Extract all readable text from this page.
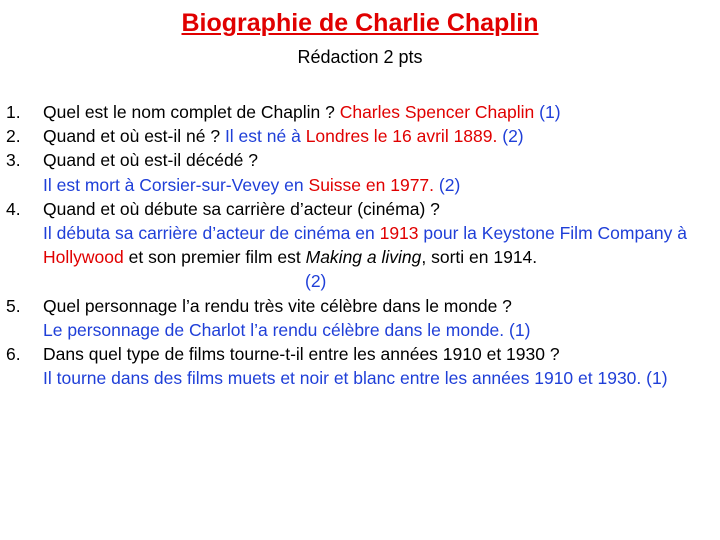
Biographie de Charlie Chaplin
Rédaction 2 pts
1. Quel est le nom complet de Chaplin ? Charles Spencer Chaplin (1)
2. Quand et où est-il né ? Il est né à Londres le 16 avril 1889. (2)
3. Quand et où est-il décédé ?
Il est mort à Corsier-sur-Vevey en Suisse en 1977. (2)
4. Quand et où débute sa carrière d’acteur (cinéma) ?
Il débuta sa carrière d’acteur de cinéma en 1913 pour la Keystone Film Company à Hollywood et son premier film est Making a living, sorti en 1914.(2)
5. Quel personnage l’a rendu très vite célèbre dans le monde ?
Le personnage de Charlot l’a rendu célèbre dans le monde. (1)
6. Dans quel type de films tourne-t-il entre les années 1910 et 1930 ?
Il tourne dans des films muets et noir et blanc entre les années 1910 et 1930. (1)
